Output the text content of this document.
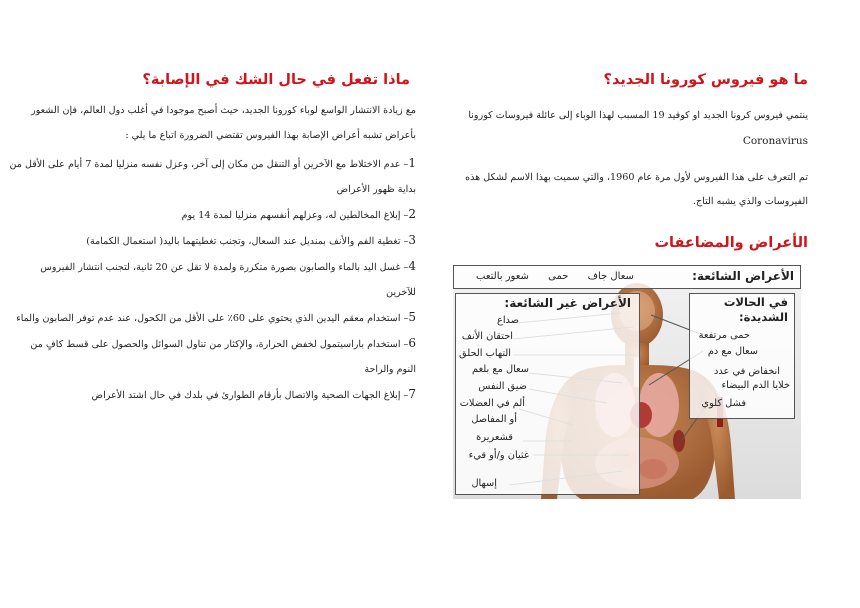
ماذا تفعل في حال الشك في الإصابة؟

مع زيادة الانتشار الواسع لوباء كورونا الجديد، حيث أصبح موجودا في أغلب دول العالم، فإن الشعور بأعراض تشبه أعراض الإصابة بهذا الفيروس تقتضي الضرورة اتباع ما يلي :

1– عدم الاختلاط مع الآخرين أو التنقل من مكان إلى آخر، وعزل نفسه منزليا لمدة 7 أيام على الأقل من بداية ظهور الأعراض

2– إبلاغ المخالطين له، وعزلهم أنفسهم منزليا لمدة 14 يوم

3– تغطية الفم والأنف بمنديل عند السعال، وتجنب تغطيتهما باليد( استعمال الكمامة)

4– غسل اليد بالماء والصابون بصورة متكررة ولمدة لا تقل عن 20 ثانية، لتجنب انتشار الفيروس للآخرين

5– استخدام معقم اليدين الذي يحتوي على 60٪ على الأقل من الكحول، عند عدم توفر الصابون والماء

6– استخدام باراسيتمول لخفض الحرارة، والإكثار من تناول السوائل والحصول على قسط كافٍ من النوم والراحة

7– إبلاغ الجهات الصحية والاتصال بأرقام الطوارئ في بلدك في حال اشتد الأعراض

ما هو فيروس كورونا الجديد؟

ينتمي فيروس كرونا الجديد او كوفيد 19 المسبب لهذا الوباء إلى عائلة فيروسات كورونا
Coronavirus

تم التعرف على هذا الفيروس لأول مرة عام 1960، والتي سميت بهذا الاسم لشكل هذه الفيروسات والذي يشبه التاج.

الأعراض والمضاعفات
الأعراض الشائعة:
سعال جاف حمى شعور بالتعب
الأعراض غير الشائعة:
صداع
احتقان الأنف
التهاب الحلق
سعال مع بلغم
ضيق النفس
ألم في العضلات
أو المفاصل
قشعريرة
غثيان و/أو قيء
إسهال
في الحالات
الشديدة:
حمى مرتفعة
سعال مع دم
انخفاض في عدد
خلايا الدم البيضاء
فشل كلوي
